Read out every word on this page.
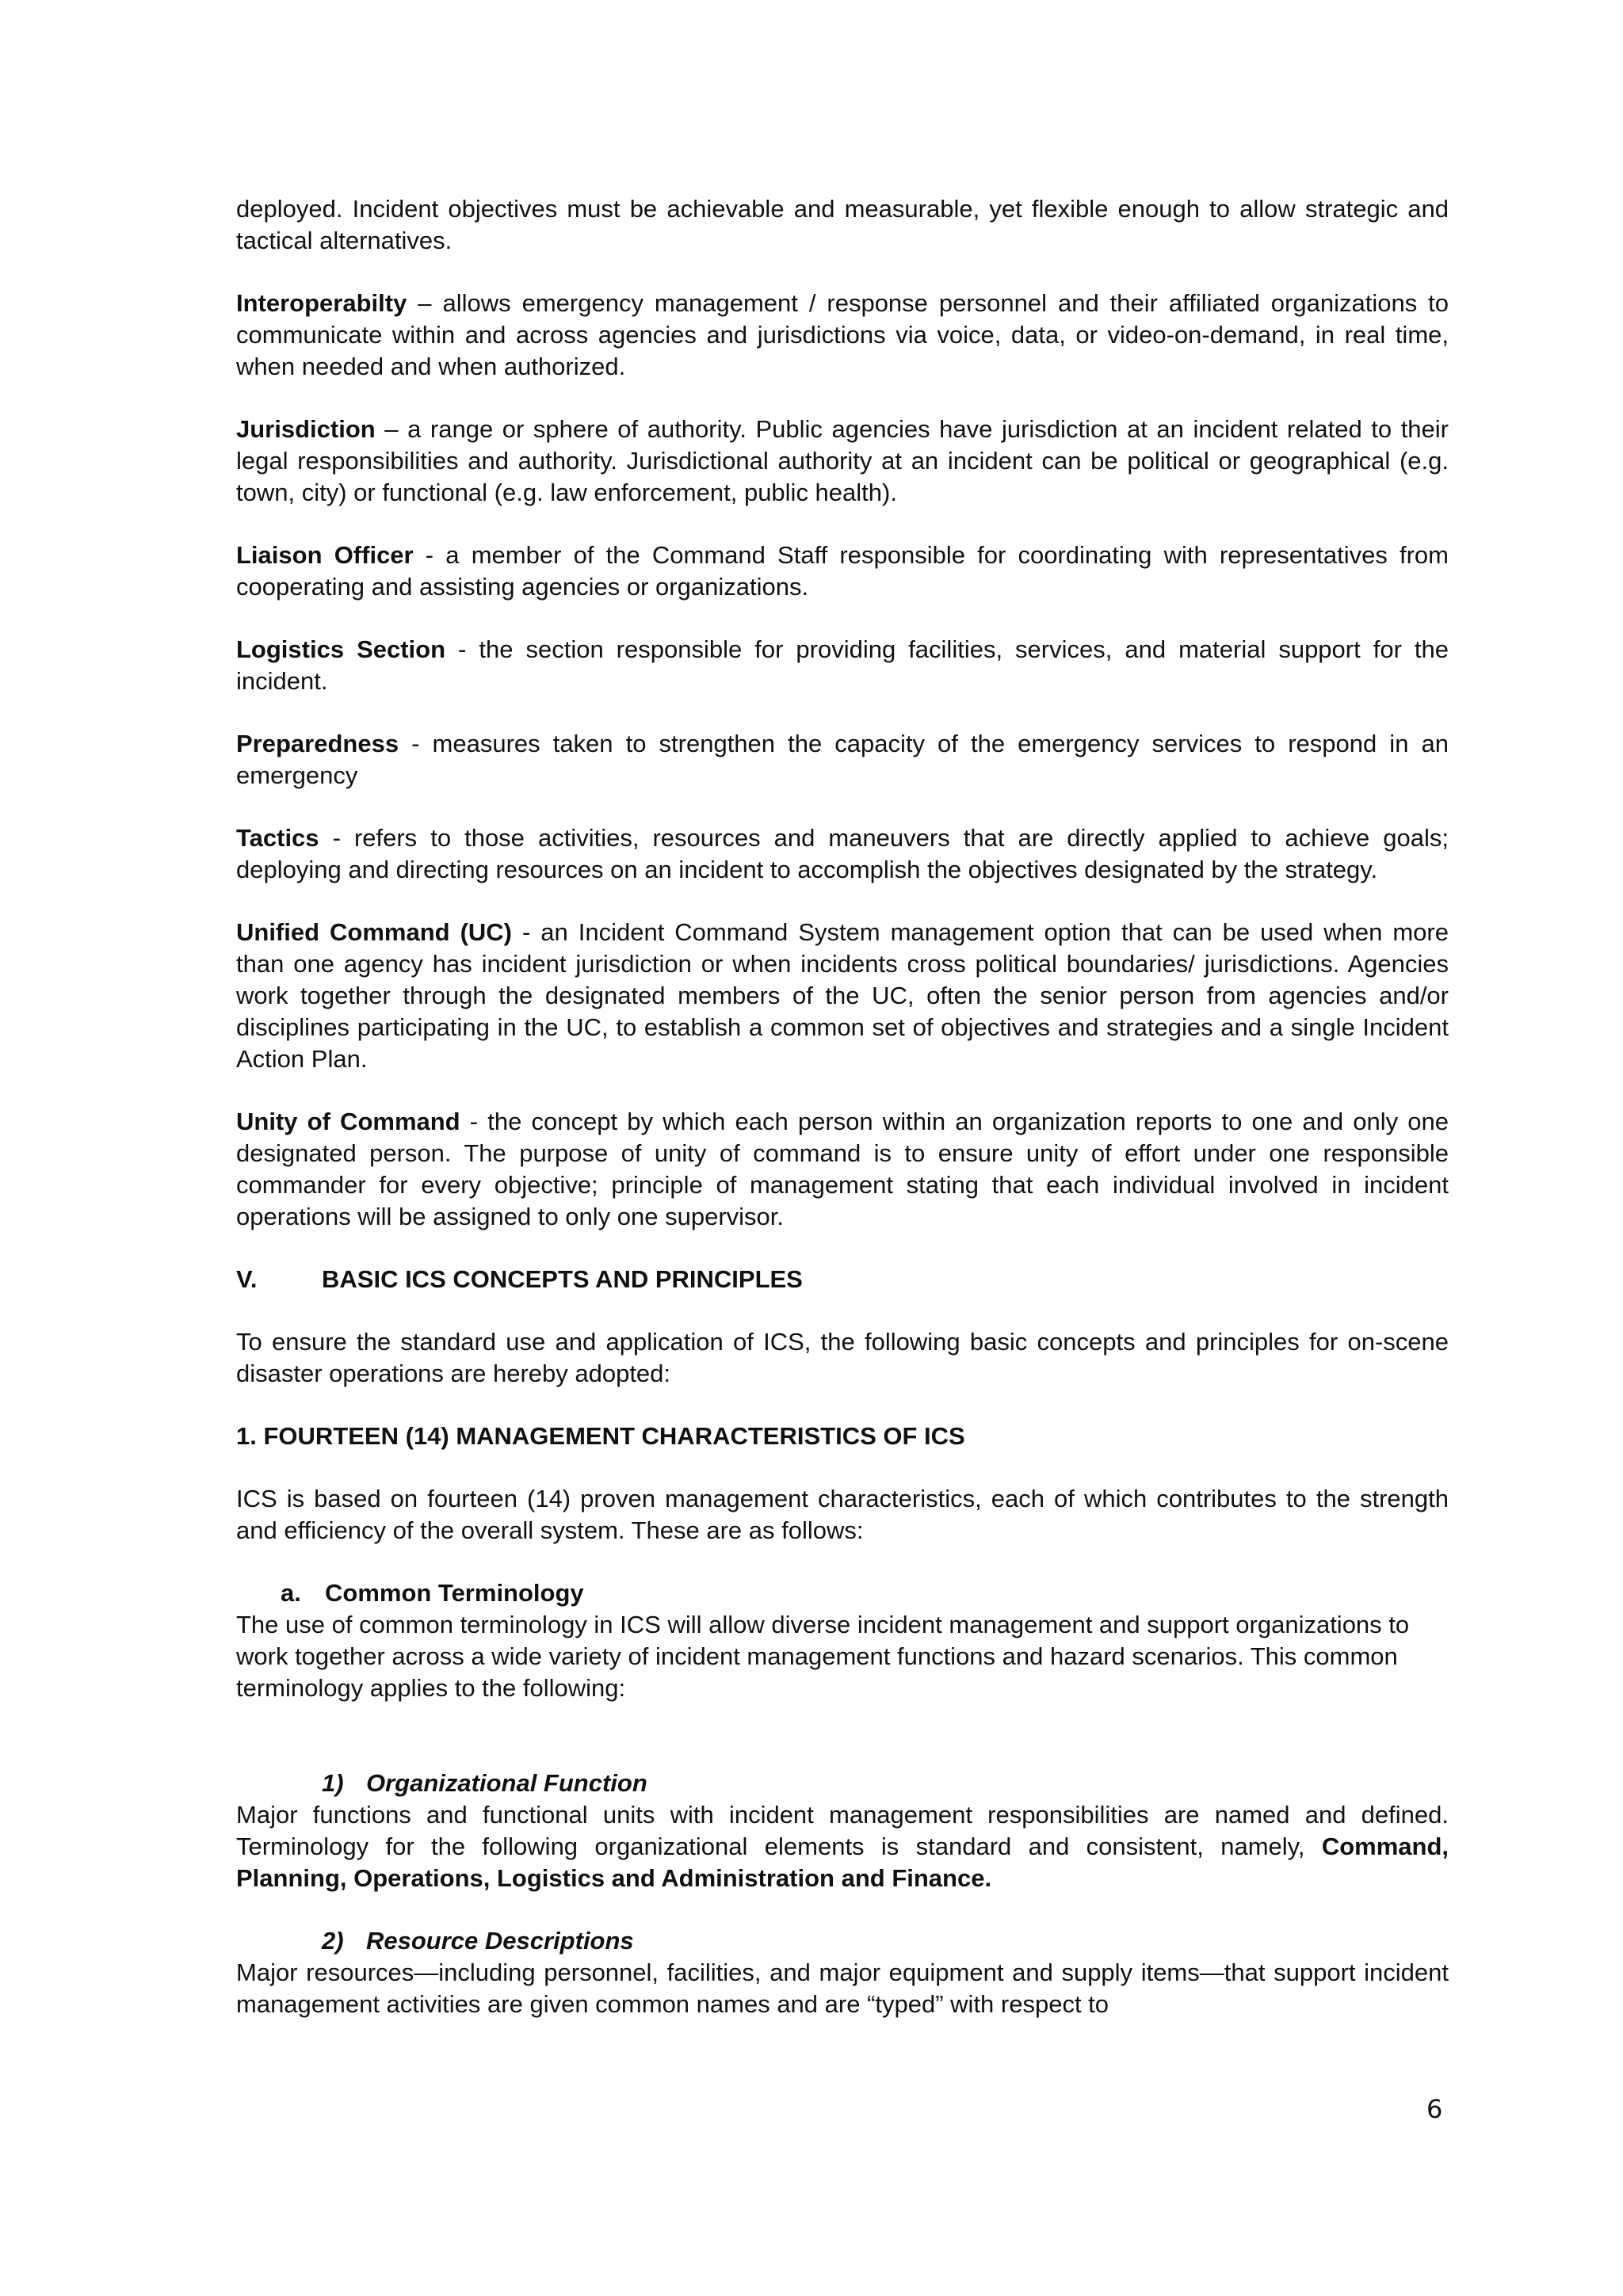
deployed. Incident objectives must be achievable and measurable, yet flexible enough to allow strategic and tactical alternatives.

Interoperabilty – allows emergency management / response personnel and their affiliated organizations to communicate within and across agencies and jurisdictions via voice, data, or video-on-demand, in real time, when needed and when authorized.

Jurisdiction – a range or sphere of authority. Public agencies have jurisdiction at an incident related to their legal responsibilities and authority. Jurisdictional authority at an incident can be political or geographical (e.g. town, city) or functional (e.g. law enforcement, public health).

Liaison Officer - a member of the Command Staff responsible for coordinating with representatives from cooperating and assisting agencies or organizations.

Logistics Section - the section responsible for providing facilities, services, and material support for the incident.

Preparedness - measures taken to strengthen the capacity of the emergency services to respond in an emergency

Tactics - refers to those activities, resources and maneuvers that are directly applied to achieve goals; deploying and directing resources on an incident to accomplish the objectives designated by the strategy.

Unified Command (UC) - an Incident Command System management option that can be used when more than one agency has incident jurisdiction or when incidents cross political boundaries/ jurisdictions. Agencies work together through the designated members of the UC, often the senior person from agencies and/or disciplines participating in the UC, to establish a common set of objectives and strategies and a single Incident Action Plan.

Unity of Command - the concept by which each person within an organization reports to one and only one designated person. The purpose of unity of command is to ensure unity of effort under one responsible commander for every objective; principle of management stating that each individual involved in incident operations will be assigned to only one supervisor.

V.	BASIC ICS CONCEPTS AND PRINCIPLES

To ensure the standard use and application of ICS, the following basic concepts and principles for on-scene disaster operations are hereby adopted:

1. FOURTEEN (14) MANAGEMENT CHARACTERISTICS OF ICS

ICS is based on fourteen (14) proven management characteristics, each of which contributes to the strength and efficiency of the overall system. These are as follows:

a. Common Terminology

The use of common terminology in ICS will allow diverse incident management and support organizations to work together across a wide variety of incident management functions and hazard scenarios. This common terminology applies to the following:

1) Organizational Function

Major functions and functional units with incident management responsibilities are named and defined. Terminology for the following organizational elements is standard and consistent, namely, Command, Planning, Operations, Logistics and Administration and Finance.

2) Resource Descriptions

Major resources—including personnel, facilities, and major equipment and supply items—that support incident management activities are given common names and are “typed” with respect to

6
